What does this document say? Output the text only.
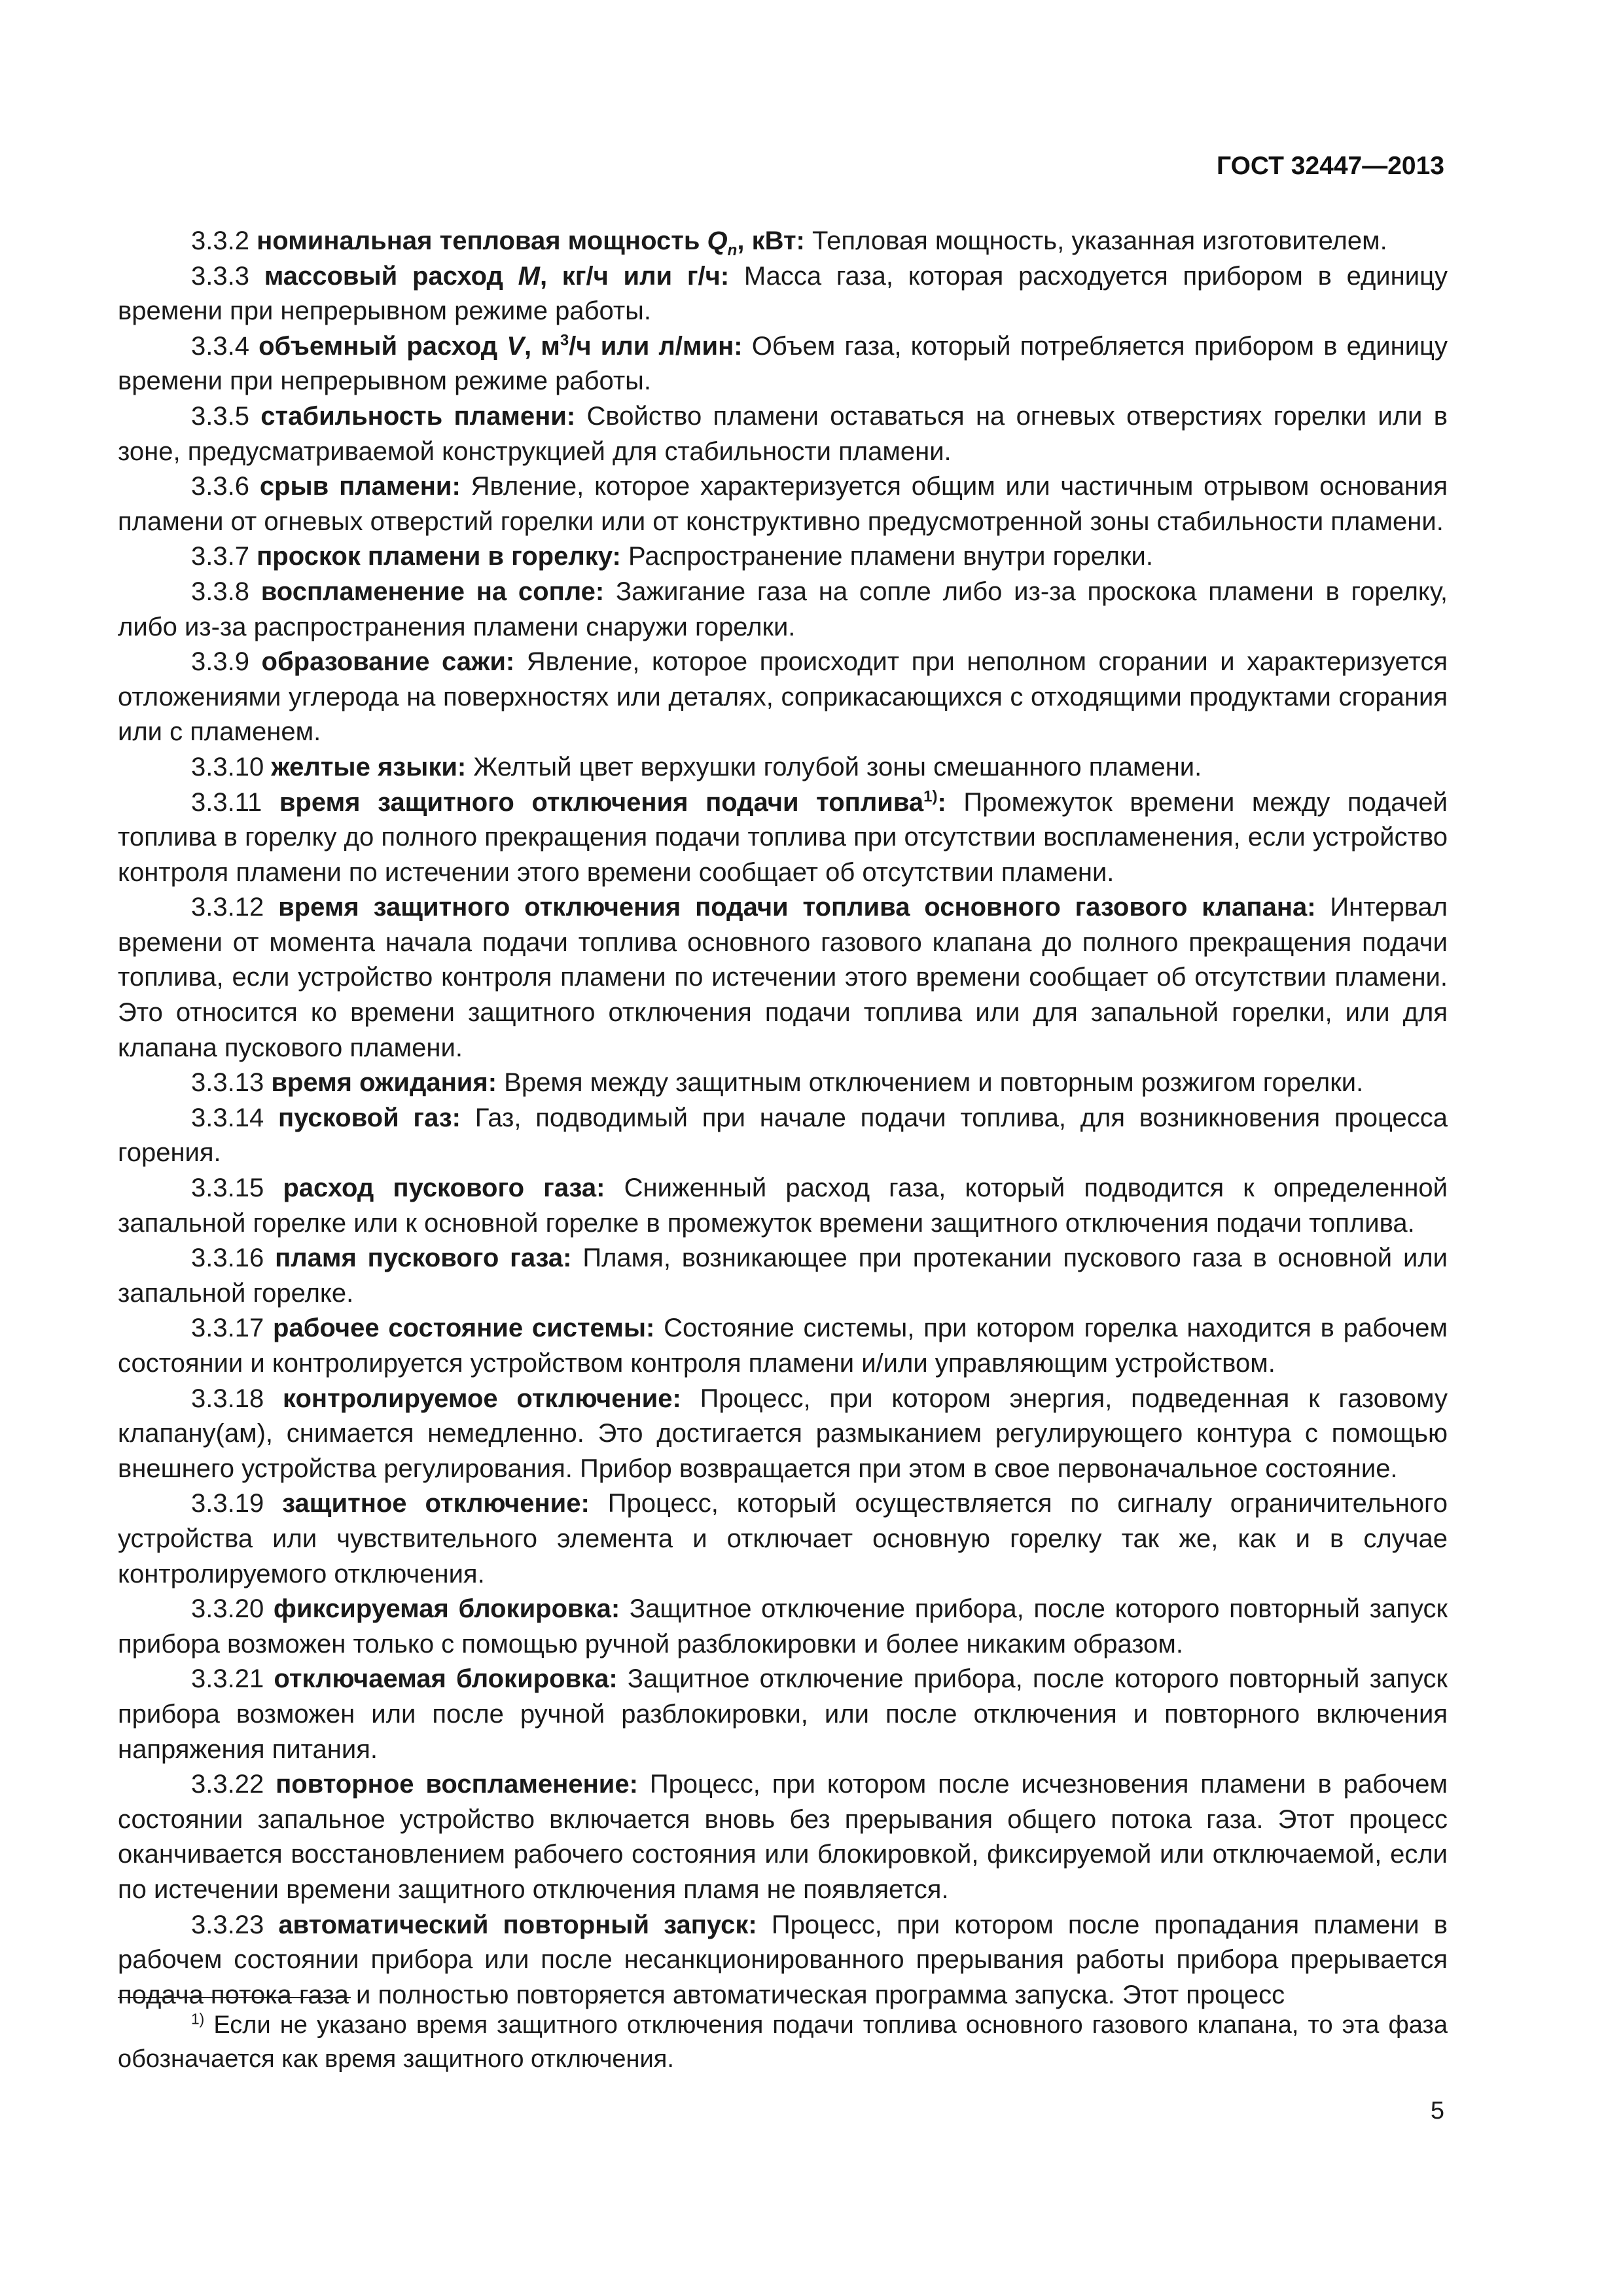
ГОСТ 32447—2013

3.3.2 номинальная тепловая мощность $Q_n$, кВт: Тепловая мощность, указанная изготовителем.

3.3.3 массовый расход M, кг/ч или г/ч: Масса газа, которая расходуется прибором в единицу времени при непрерывном режиме работы.

3.3.4 объемный расход V, $м^3/ч$ или л/мин: Объем газа, который потребляется прибором в единицу времени при непрерывном режиме работы.

3.3.5 стабильность пламени: Свойство пламени оставаться на огневых отверстиях горелки или в зоне, предусматриваемой конструкцией для стабильности пламени.

3.3.6 срыв пламени: Явление, которое характеризуется общим или частичным отрывом основания пламени от огневых отверстий горелки или от конструктивно предусмотренной зоны стабильности пламени.

3.3.7 проскок пламени в горелку: Распространение пламени внутри горелки.

3.3.8 воспламенение на сопле: Зажигание газа на сопле либо из-за проскока пламени в горелку, либо из-за распространения пламени снаружи горелки.

3.3.9 образование сажи: Явление, которое происходит при неполном сгорании и характеризуется отложениями углерода на поверхностях или деталях, соприкасающихся с отходящими продуктами сгорания или с пламенем.

3.3.10 желтые языки: Желтый цвет верхушки голубой зоны смешанного пламени.

3.3.11 время защитного отключения подачи топлива$^{1)}$: Промежуток времени между подачей топлива в горелку до полного прекращения подачи топлива при отсутствии воспламенения, если устройство контроля пламени по истечении этого времени сообщает об отсутствии пламени.

3.3.12 время защитного отключения подачи топлива основного газового клапана: Интервал времени от момента начала подачи топлива основного газового клапана до полного прекращения подачи топлива, если устройство контроля пламени по истечении этого времени сообщает об отсутствии пламени. Это относится ко времени защитного отключения подачи топлива или для запальной горелки, или для клапана пускового пламени.

3.3.13 время ожидания: Время между защитным отключением и повторным розжигом горелки.

3.3.14 пусковой газ: Газ, подводимый при начале подачи топлива, для возникновения процесса горения.

3.3.15 расход пускового газа: Сниженный расход газа, который подводится к определенной запальной горелке или к основной горелке в промежуток времени защитного отключения подачи топлива.

3.3.16 пламя пускового газа: Пламя, возникающее при протекании пускового газа в основной или запальной горелке.

3.3.17 рабочее состояние системы: Состояние системы, при котором горелка находится в рабочем состоянии и контролируется устройством контроля пламени и/или управляющим устройством.

3.3.18 контролируемое отключение: Процесс, при котором энергия, подведенная к газовому клапану(ам), снимается немедленно. Это достигается размыканием регулирующего контура с помощью внешнего устройства регулирования. Прибор возвращается при этом в свое первоначальное состояние.

3.3.19 защитное отключение: Процесс, который осуществляется по сигналу ограничительного устройства или чувствительного элемента и отключает основную горелку так же, как и в случае контролируемого отключения.

3.3.20 фиксируемая блокировка: Защитное отключение прибора, после которого повторный запуск прибора возможен только с помощью ручной разблокировки и более никаким образом.

3.3.21 отключаемая блокировка: Защитное отключение прибора, после которого повторный запуск прибора возможен или после ручной разблокировки, или после отключения и повторного включения напряжения питания.

3.3.22 повторное воспламенение: Процесс, при котором после исчезновения пламени в рабочем состоянии запальное устройство включается вновь без прерывания общего потока газа. Этот процесс оканчивается восстановлением рабочего состояния или блокировкой, фиксируемой или отключаемой, если по истечении времени защитного отключения пламя не появляется.

3.3.23 автоматический повторный запуск: Процесс, при котором после пропадания пламени в рабочем состоянии прибора или после несанкционированного прерывания работы прибора прерывается подача потока газа и полностью повторяется автоматическая программа запуска. Этот процесс

$^{1)}$ Если не указано время защитного отключения подачи топлива основного газового клапана, то эта фаза обозначается как время защитного отключения.

5
